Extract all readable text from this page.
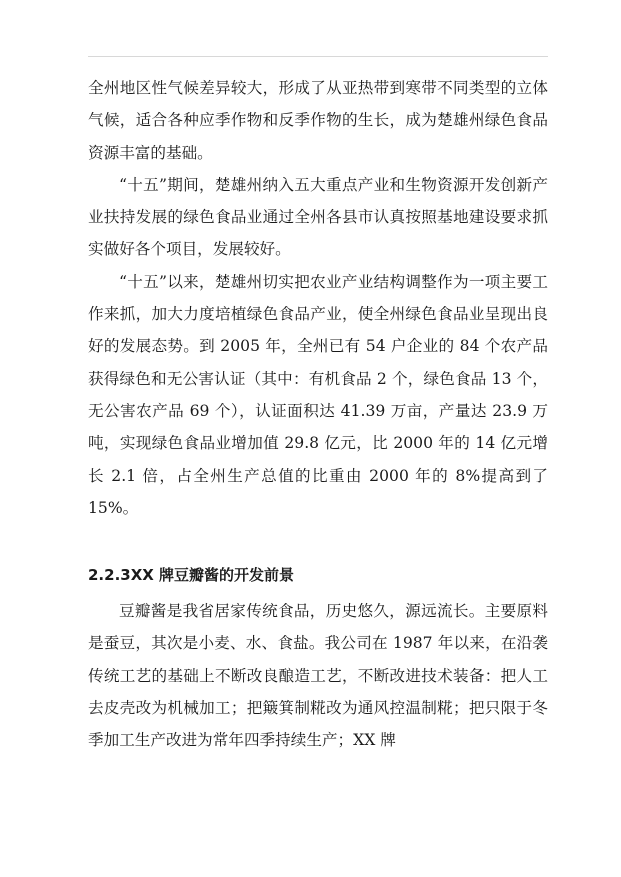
全州地区性气候差异较大，形成了从亚热带到寒带不同类型的立体气候，适合各种应季作物和反季作物的生长，成为楚雄州绿色食品资源丰富的基础。

“十五”期间，楚雄州纳入五大重点产业和生物资源开发创新产业扶持发展的绿色食品业通过全州各县市认真按照基地建设要求抓实做好各个项目，发展较好。

“十五”以来，楚雄州切实把农业产业结构调整作为一项主要工作来抓，加大力度培植绿色食品产业，使全州绿色食品业呈现出良好的发展态势。到 2005 年，全州已有 54 户企业的 84 个农产品获得绿色和无公害认证（其中：有机食品 2 个，绿色食品 13 个，无公害农产品 69 个），认证面积达 41.39 万亩，产量达 23.9 万吨，实现绿色食品业增加值 29.8 亿元，比 2000 年的 14 亿元增长 2.1 倍，占全州生产总值的比重由 2000 年的 8%提高到了 15%。

2.2.3XX 牌豆瓣酱的开发前景

豆瓣酱是我省居家传统食品，历史悠久，源远流长。主要原料是蚕豆，其次是小麦、水、食盐。我公司在 1987 年以来，在沿袭传统工艺的基础上不断改良酿造工艺，不断改进技术装备：把人工去皮壳改为机械加工；把簸箕制糀改为通风控温制糀；把只限于冬季加工生产改进为常年四季持续生产；XX 牌
